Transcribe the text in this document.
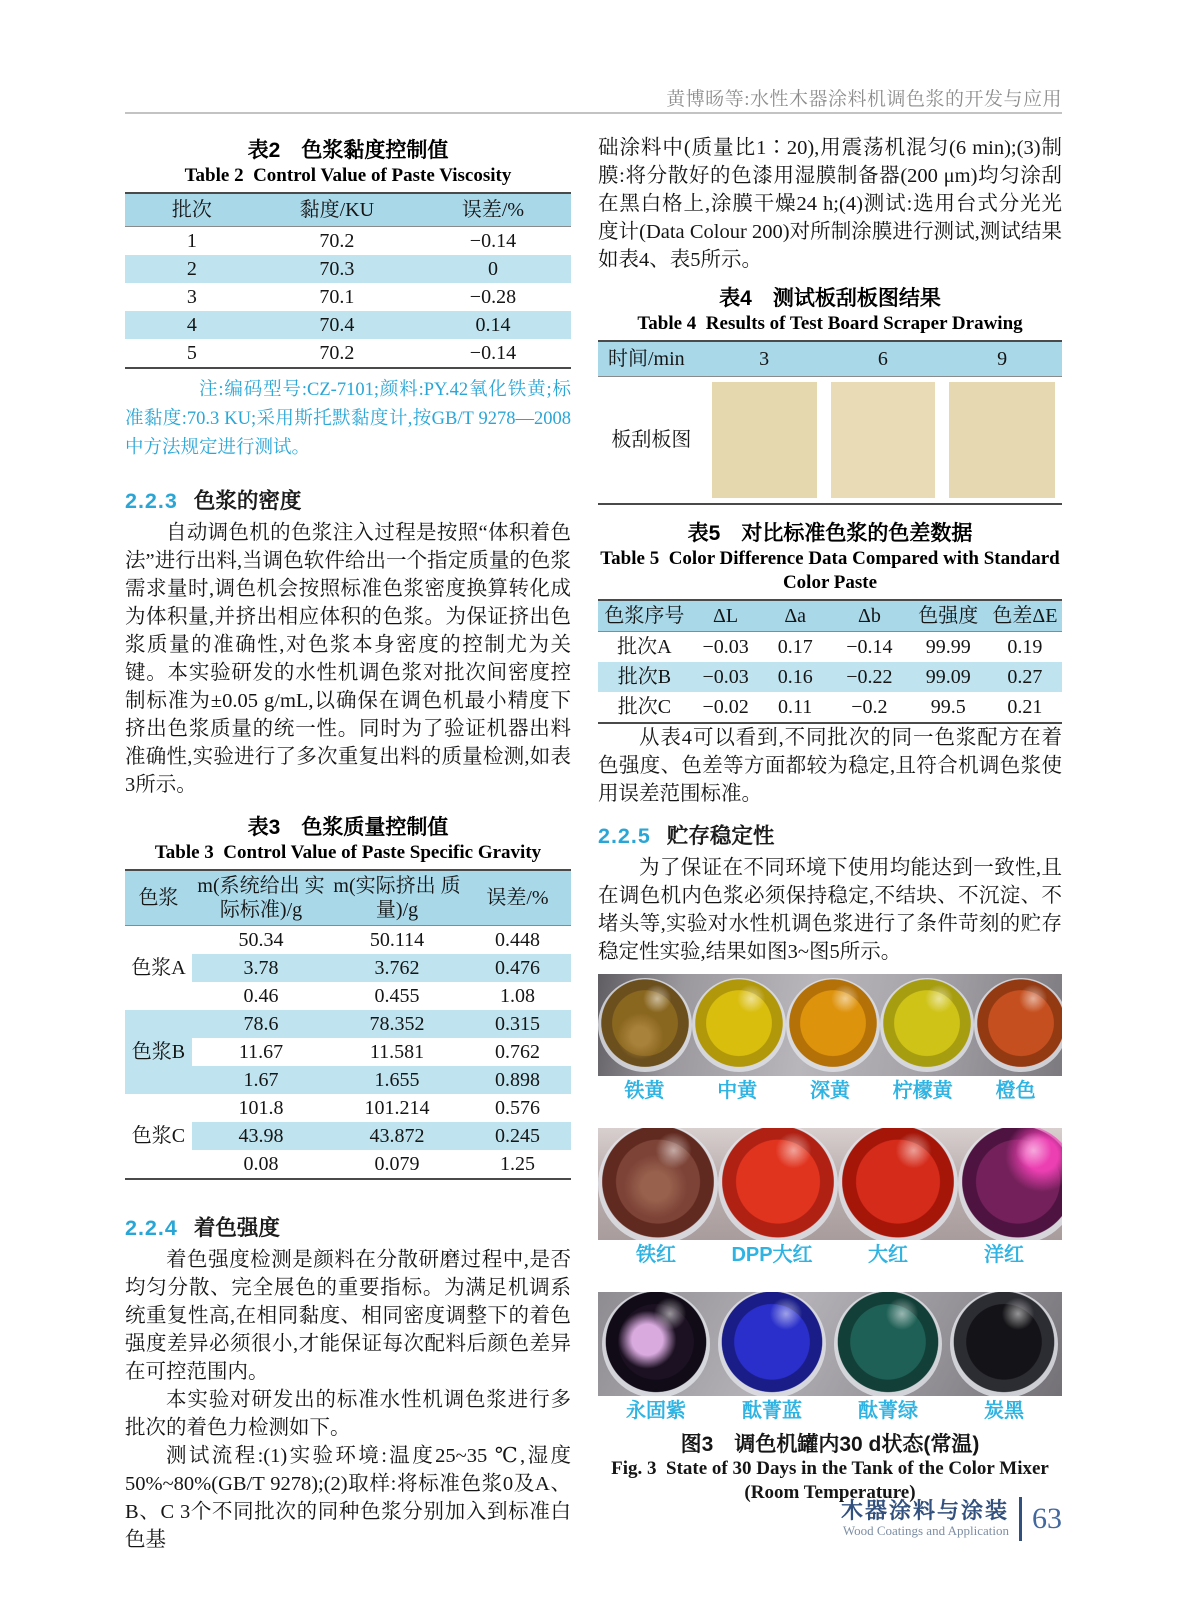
黄博旸等:水性木器涂料机调色浆的开发与应用
表2　色浆黏度控制值
Table 2  Control Value of Paste Viscosity
批次	黏度/KU	误差/%
1	70.2	−0.14
2	70.3	0
3	70.1	−0.28
4	70.4	0.14
5	70.2	−0.14
注:编码型号:CZ-7101;颜料:PY.42氧化铁黄;标准黏度:70.3 KU;采用斯托默黏度计,按GB/T 9278—2008中方法规定进行测试。
2.2.3 色浆的密度

自动调色机的色浆注入过程是按照“体积着色法”进行出料,当调色软件给出一个指定质量的色浆需求量时,调色机会按照标准色浆密度换算转化成为体积量,并挤出相应体积的色浆。为保证挤出色浆质量的准确性,对色浆本身密度的控制尤为关键。本实验研发的水性机调色浆对批次间密度控制标准为±0.05 g/mL,以确保在调色机最小精度下挤出色浆质量的统一性。同时为了验证机器出料准确性,实验进行了多次重复出料的质量检测,如表3所示。

表3　色浆质量控制值
Table 3  Control Value of Paste Specific Gravity
色浆	m(系统给出 实际标准)/g	m(实际挤出 质量)/g	误差/%
色浆A	50.34	50.114	0.448
	3.78	3.762	0.476
	0.46	0.455	1.08
色浆B	78.6	78.352	0.315
	11.67	11.581	0.762
	1.67	1.655	0.898
色浆C	101.8	101.214	0.576
	43.98	43.872	0.245
	0.08	0.079	1.25
2.2.4 着色强度

着色强度检测是颜料在分散研磨过程中,是否均匀分散、完全展色的重要指标。为满足机调系统重复性高,在相同黏度、相同密度调整下的着色强度差异必须很小,才能保证每次配料后颜色差异在可控范围内。

本实验对研发出的标准水性机调色浆进行多批次的着色力检测如下。

测试流程:(1)实验环境:温度25~35 ℃,湿度50%~80%(GB/T 9278);(2)取样:将标准色浆0及A、B、C 3个不同批次的同种色浆分别加入到标准白色基

础涂料中(质量比1∶20),用震荡机混匀(6 min);(3)制膜:将分散好的色漆用湿膜制备器(200 μm)均匀涂刮在黑白格上,涂膜干燥24 h;(4)测试:选用台式分光光度计(Data Colour 200)对所制涂膜进行测试,测试结果如表4、表5所示。

表4　测试板刮板图结果
Table 4  Results of Test Board Scraper Drawing
时间/min	3	6	9
板刮板图	

表5　对比标准色浆的色差数据
Table 5  Color Difference Data Compared with Standard
Color Paste
色浆序号	ΔL	Δa	Δb	色强度	色差ΔE
批次A	−0.03	0.17	−0.14	99.99	0.19
批次B	−0.03	0.16	−0.22	99.09	0.27
批次C	−0.02	0.11	−0.2	99.5	0.21

从表4可以看到,不同批次的同一色浆配方在着色强度、色差等方面都较为稳定,且符合机调色浆使用误差范围标准。

2.2.5 贮存稳定性

为了保证在不同环境下使用均能达到一致性,且在调色机内色浆必须保持稳定,不结块、不沉淀、不堵头等,实验对水性机调色浆进行了条件苛刻的贮存稳定性实验,结果如图3~图5所示。

铁黄	中黄	深黄	柠檬黄	橙色
铁红	DPP大红	大红	洋红
永固紫	酞菁蓝	酞菁绿	炭黑
图3　调色机罐内30 d状态(常温)
Fig. 3  State of 30 Days in the Tank of the Color Mixer
(Room Temperature)
木器涂料与涂装
Wood Coatings and Application 63
